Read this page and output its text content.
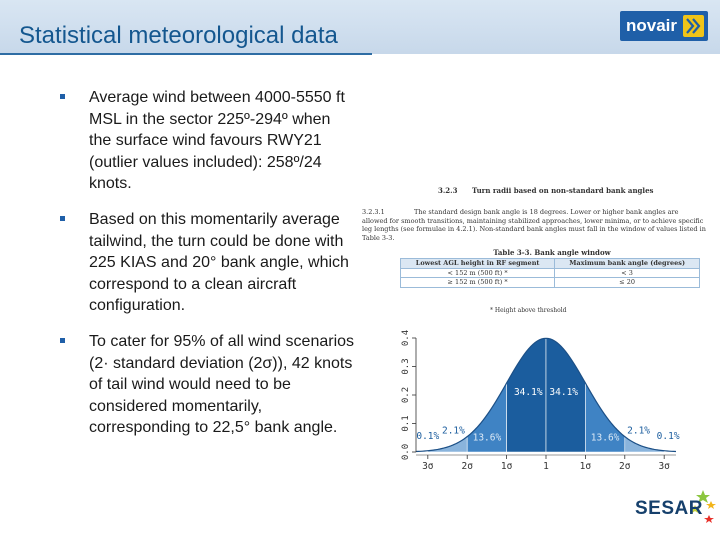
Statistical meteorological data	novair
Average wind between 4000-5550 ft MSL in the sector 225º-294º when the surface wind favours RWY21 (outlier values included): 258º/24 knots.
Based on this momentarily average tailwind, the turn could be done with 225 KIAS and 20° bank angle, which correspond to a clean aircraft configuration.
To cater for 95% of all wind scenarios (2· standard deviation (2σ)), 42 knots of tail wind would need to be considered momentarily, corresponding to 22,5° bank angle.
3.2.3 Turn radii based on non-standard bank angles
3.2.3.1	The standard design bank angle is 18 degrees. Lower or higher bank angles are allowed for smooth transitions, maintaining stabilized approaches, lower minima, or to achieve specific leg lengths (see formulae in 4.2.1). Non-standard bank angles must fall in the window of values listed in Table 3-3.
Table 3-3. Bank angle window
Lowest AGL height in RF segment	Maximum bank angle (degrees)
< 152 m (500 ft) *	< 3
≥ 152 m (500 ft) *	≤ 20
* Height above threshold
2.1%
13.6%
34.1% 34.1%
13.6%
2.1%
0.1%	0.1%
0.0
0.1
0.2
0.3
0.4
3σ	2σ	1σ	1	1σ	2σ	3σ
SESAR
